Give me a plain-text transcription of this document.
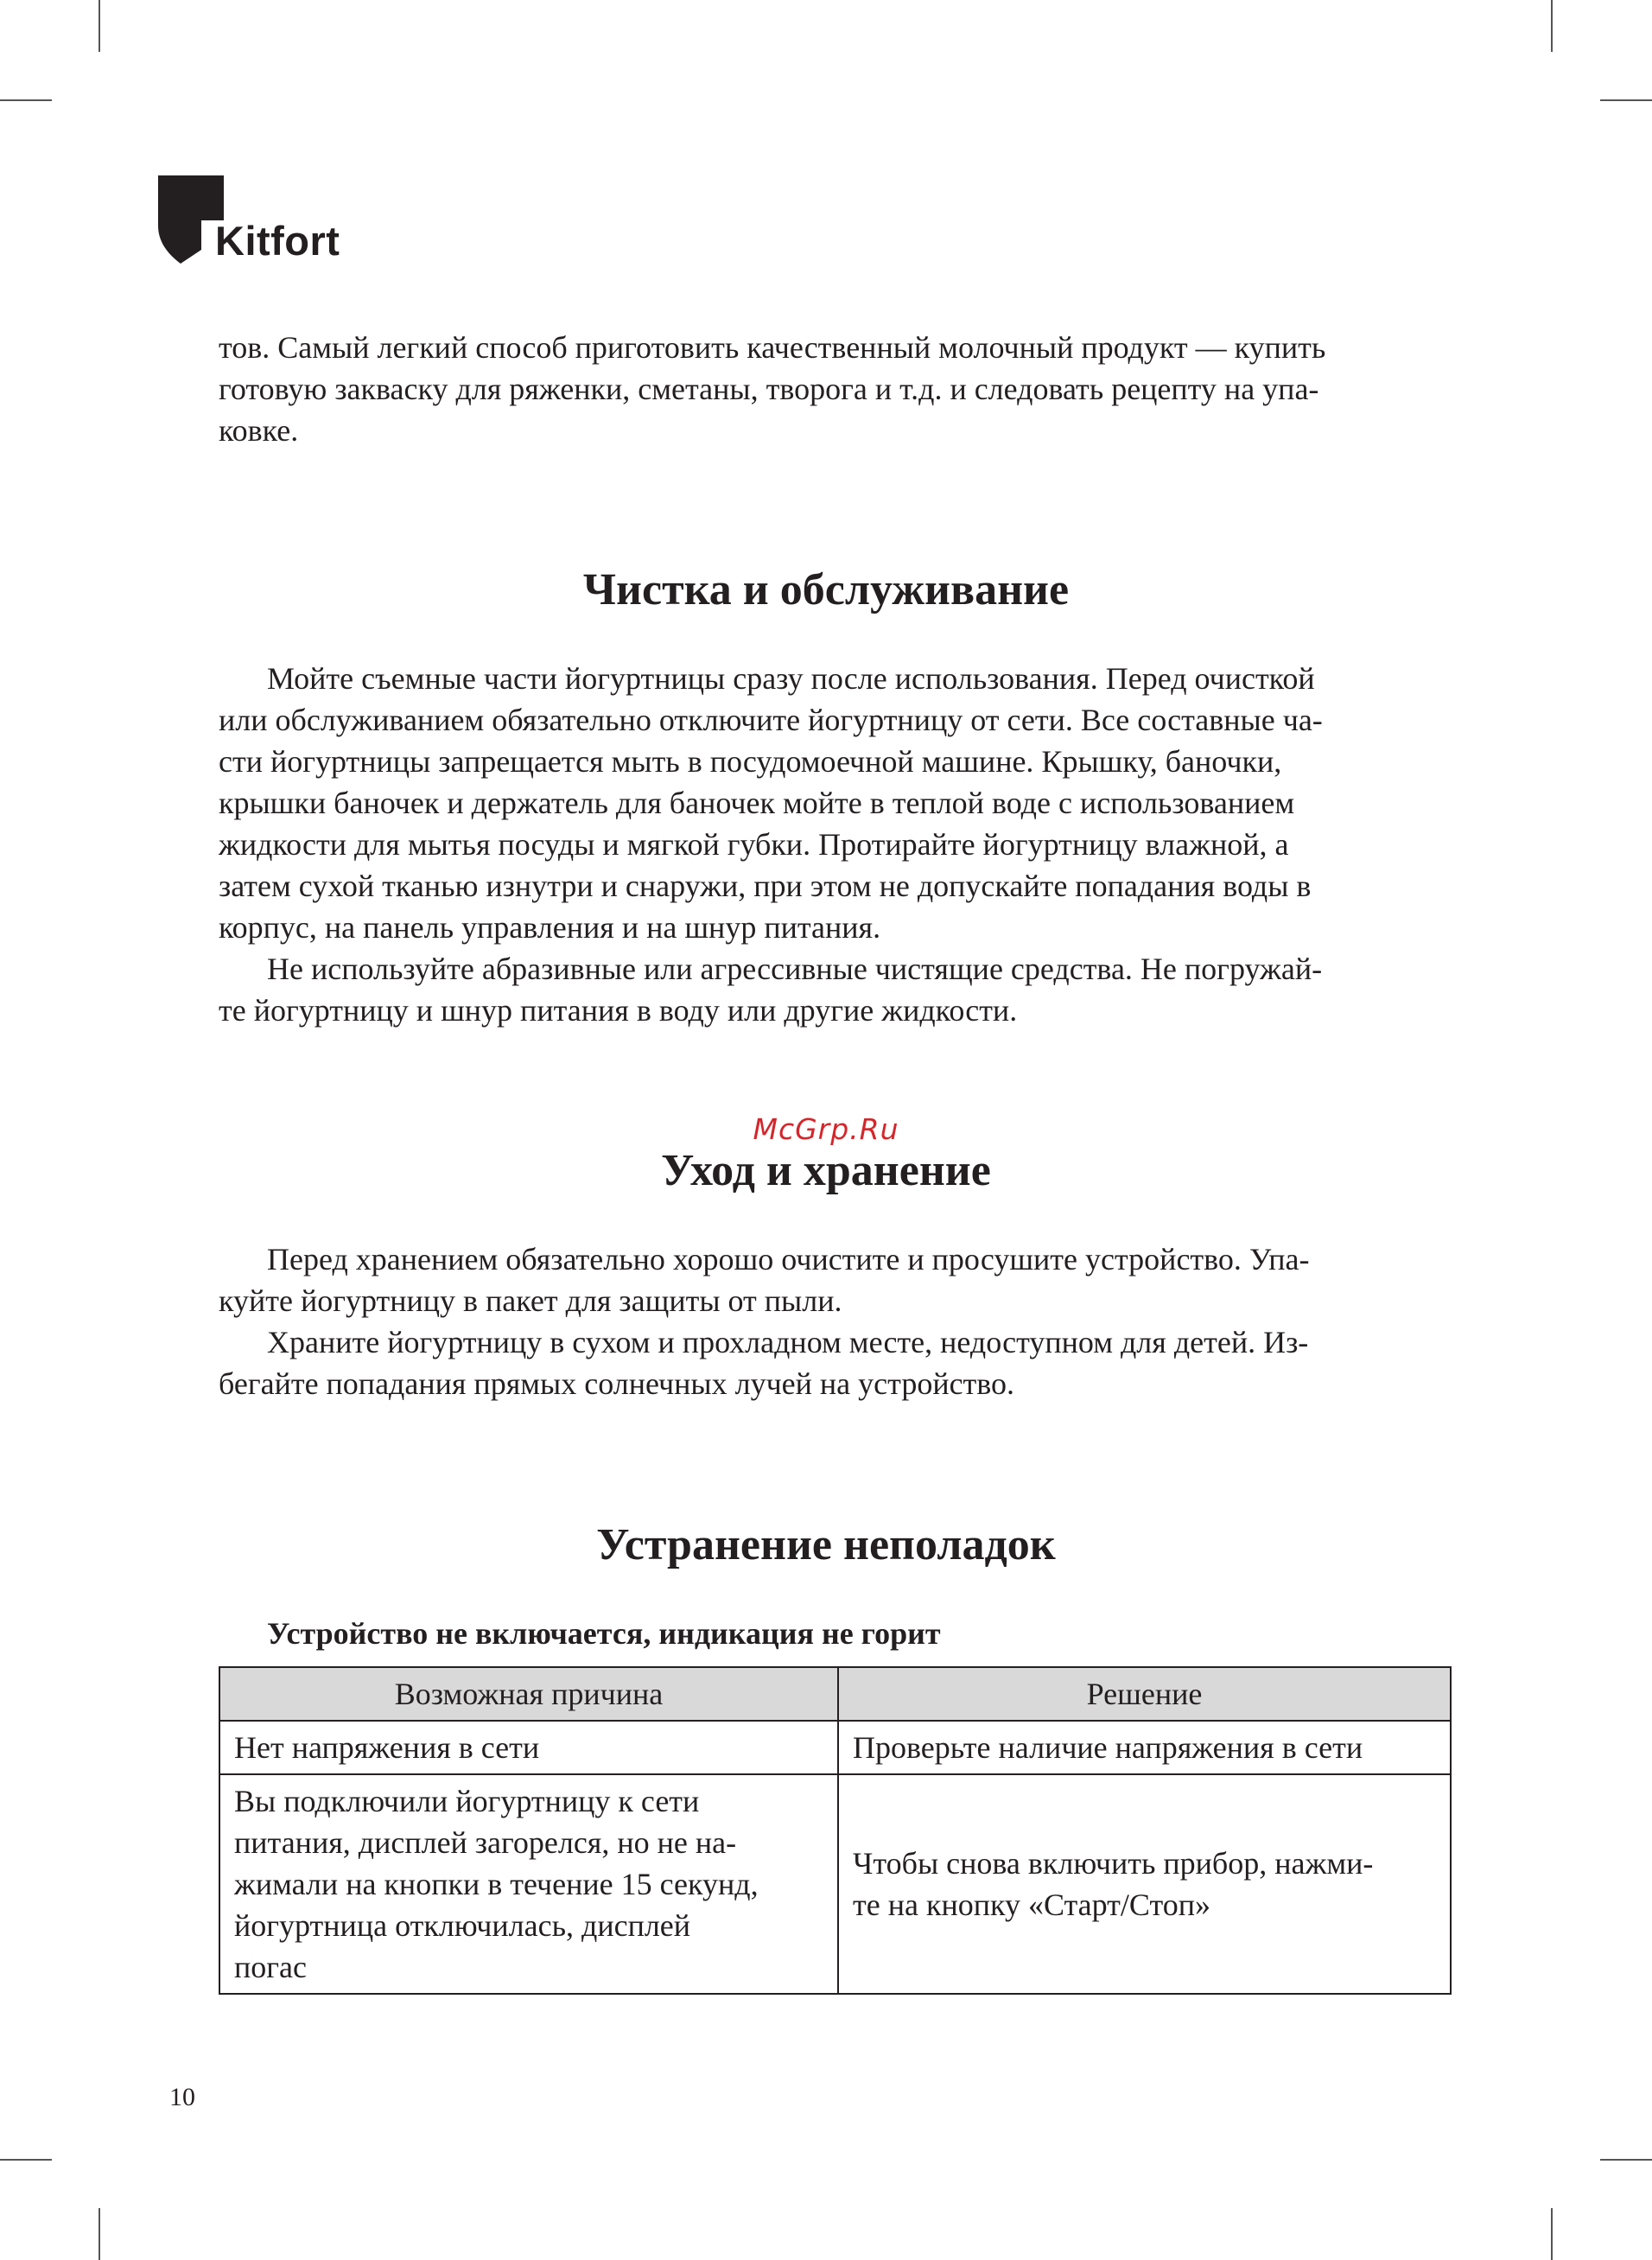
Kitfort
тов. Самый легкий способ приготовить качественный молочный продукт — купить
готовую закваску для ряженки, сметаны, творога и т.д. и следовать рецепту на упа-
ковке.
Чистка и обслуживание
Мойте съемные части йогуртницы сразу после использования. Перед очисткой
или обслуживанием обязательно отключите йогуртницу от сети. Все составные ча-
сти йогуртницы запрещается мыть в посудомоечной машине. Крышку, баночки,
крышки баночек и держатель для баночек мойте в теплой воде с использованием
жидкости для мытья посуды и мягкой губки. Протирайте йогуртницу влажной, а
затем сухой тканью изнутри и снаружи, при этом не допускайте попадания воды в
корпус, на панель управления и на шнур питания.
Не используйте абразивные или агрессивные чистящие средства. Не погружай-
те йогуртницу и шнур питания в воду или другие жидкости.
McGrp.Ru
Уход и хранение
Перед хранением обязательно хорошо очистите и просушите устройство. Упа-
куйте йогуртницу в пакет для защиты от пыли.
Храните йогуртницу в сухом и прохладном месте, недоступном для детей. Из-
бегайте попадания прямых солнечных лучей на устройство.
Устранение неполадок
Устройство не включается, индикация не горит
Возможная причина	Решение

Нет напряжения в сети	Проверьте наличие напряжения в сети

Вы подключили йогуртницу к сети
питания, дисплей загорелся, но не на-
жимали на кнопки в течение 15 секунд,
йогуртница отключилась, дисплей
погас	Чтобы снова включить прибор, нажми-
те на кнопку «Старт/Стоп»
10
